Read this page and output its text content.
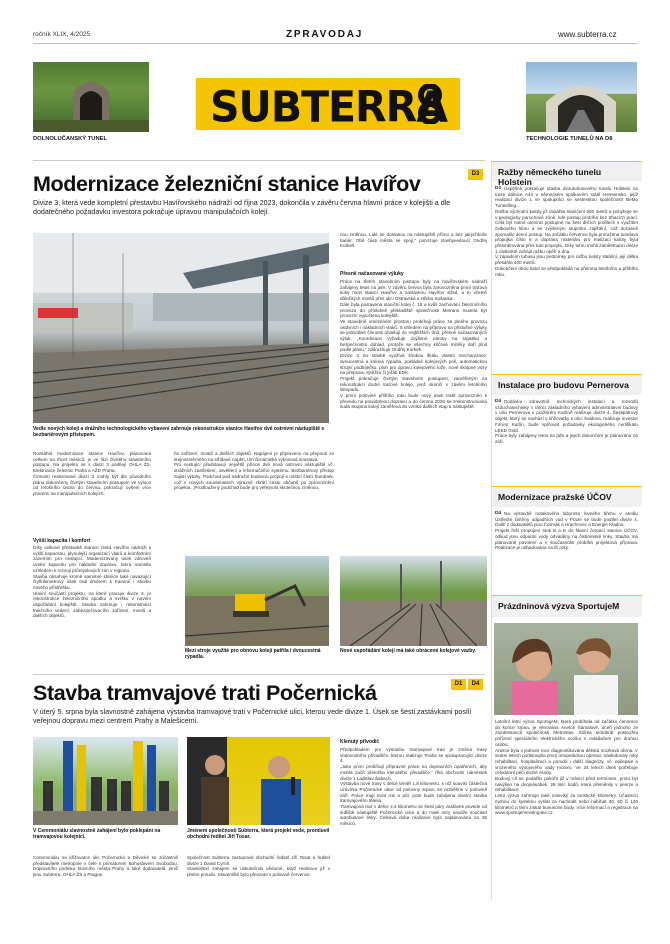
ročník XLIX, 4/2025	ZPRAVODAJ	www.subterra.cz
DOLNOLUČANSKÝ TUNEL
SUBTERRA
TECHNOLOGIE TUNELŮ NA D8
Modernizace železniční stanice Havířov	D3
Divize 3, která vede kompletní přestavbu Havířovského nádraží od října 2023, dokončila v závěru června hlavní práce v kolejišti a dle dodatečného požadavku investora pokračuje úpravou manipulačních kolejí.
Vedle nových kolejí a drážního technologického vybavení zahrnuje rekonstrukce stanice Havířov dvě ostrovní nástupiště s bezbariérovým přístupem.
Rozsáhlá modernizace stanice Havířov, plánovaná celkem na třicet měsíců, je ve fázi čtvrtého stavebního postupu. Na projektu se s divizí 3 podílejí OHLA ŽS, Elektrizace železnic Praha a AŽD Praha.
Činnosti realizované divizí 3 mohly být dle původního plánu dokončeny čtvrtým stavebním postupem ve výluce od letošního února do června, pokračují ovšem více pracemi na manipulačních kolejích.
Vyšší kapacita i komfort
Díky celkové přestavbě stanice získá Havířov nádraží s vyšší kapacitou, plynulejší organizací vlaků a komfortním zázemím pro cestující. Modernizovaný úsek zároveň uvolní kapacitu pro nákladní dopravu, která narostla vzhledem k rozvoji průmyslových zón v regionu.
Stavba obsahuje kromě samotné stanice také navazující čtyřkilometrový úsek trati směrem k Karviné i stavbu nového přístřešku.
Hlavní součástí projektu, na které pracuje divize 3, je rekonstrukce železničního spodku a svršku v novém uspořádání kolejiště. Stavba zahrnuje i rekonstrukci trakčního vedení, zabezpečovacího zařízení, mostů a dalších objektů.
ho zařízení, mostů a dalších objektů. Napájení je připraveno na přepnutí ze stejnosměrného na střídavé napětí, tím čtrnáctiská výkonová soustava.
Pro cestující představují největší přínos dvě nová ostrovní nástupiště vč. strážních zastřešení, osvětlení a informačního systému. Bezbariérový přístup zajistí výtahy. Podchod pod nádražní budovou propojí s místní částí Šumbark, což v nových souvislostech výrazně zkrátí cestu občanů po zprovoznění projektu. „Prodloužený podchod bude pro veřejnost skutečnou změnou.
nou změnou. Lidé se dostanou na nástupiště přímo a bez jakýchkoliv bariér. Obě části města se spojí,“ potvrzuje stavbyvedoucí Ondřej Korkeš.
Přesně načasované výluky
Práce na třetím stavebním postupu byly na havířovském nádraží zahájeny letos na jaře. V závěru června byla zprovozněna první traťová kolej mezi stanicí Havířov a zastávkou Havířov střed, a to včetně důležitých mostů přes ulici Ostravská a Hřebu Sušanka.
Dále byla postavena staniční kolej č. 18 a kvůli zachování železničního provozu do příslušné překladiště společnosti Metrans musela být provozní vypočtena kolejiště.
Ve stavebně omezeném prostoru probíhají práce za plného provozu osobních i nákladních vlaků. S ohledem na přípravu na příslušné výluky se jednotlivé činnosti ohlašují do nejbližších dnů, přesně načasovaných výluk. „Koordinace vyžaduje zvýšené nároky na logistiku a bezpečnostní dohled, protože se všechny klíčové milníky daří plnit podle plánu,“ zdůrazňuje Ondřej Korkeš.
Divize 3 na stavbě využívá širokou škálu vlastní mechanizace: dvoucestná a kolová rýpadla, pokládač kolejových polí, automatickou strojní podbíječku, pluh pro úpravu kolejového lože, nové sklopné vozy na přepravu výtěžku či jeřáb EDK.
Projekt pokračuje čtvrtým stavebním postupem, zaměřeným na rekonstrukci druhé traťové koleje, jenž skončí v závěru letošního listopadu.
V první polovině příštího roku bude nový úsek tratě zprovozněn k převodu na pravidelnou dopravu a do června 2026 se zrekonstruovaná sudá skupina kolejí zaměřená do vzniku dalších etap a nástupiště.
Mezi stroje využité pro obnovu kolejí patřila i dvoucestná rýpadla.
Nové uspořádání kolejí má také obrácené kolejové vazby.
Stavba tramvajové trati Počernická	D1	D4
V úterý 5. srpna byla slavnostně zahájena výstavba tramvajové trati v Počernické ulici, kterou vede divize 1. Úsek se šesti zastávkami posílí veřejnou dopravu mezi centrem Prahy a Malešicemi.
V Ceremoniálu slavnostně zahájení bylo poklepání na tramvajovou kolejnici.
Jménem společnosti Subterra, která projekt vede, promluvil obchodní ředitel Jiří Tosar.
Ceremoniálu na křižovatce ulic Počernická a Děvické se zúčastnili představitelé metropole v čele s primátorem Bohuslavem Svobodou, Dopravního podniku hlavního města Prahy a také dodavatelů, jimiž jsou Subterra, OHLA ŽS a Prague.
Společnost Subterra zastupoval obchodní ředitel Jiří Tosar a ředitel divize 1 David Cyroň.
Stavitelství zahájení se uskutečnilo vědomě, když realizace již v plném proudu. Staveniště bylo převzato v polovině července.
Klenutý přívodič
Předpokladem pro výstavbu tramvajové trati je změna trasy vodovodního přivaděče, kterou realizuje Praha se spolupracující divize 4.
„Jako první probíhají přípravné práce na dopravních opatřeních, aby mohla začít přeložka klenutého přivaděče,“ říká obchodní náměstek divize 1 Ladislav Šabach.
Výstavba nové trasy v délce téměř 1,8 kilometru, s níž souvisí částečná uzavírka Počernické ulice od poloviny srpna, se rozběhne v polovině září. Práce mají trvat rok a půl, poté bude zahájena vlastní stavba tramvajového tělesa.
Tramvajová trať v délce 2,4 kilometru se šesti páry zastávek povede od sídliště nástupiště Počernické ulice a do malé míry naváže součástí autobusové linky. Celková doba realizace byla naplánována na 36 měsíců.
Ražby německého tunelu Holstein
D1 Úspěšně pokračuje stavba dvoutubusového tunelu Holstein na trase dálnice A44 v německém spolkovém státě Hessensko, jejíž realizaci divize 1 ve spolupráci se sesterskou společností BeMo Tunnelling.
Ražba východní kaloty již dosáhla staničení 500 metrů a pohybuje se v geologicky poruchové zóně, kde postup probíhá bez trhacích prací. Celá byl nutné otevírat postupně na šest dílčích profilech s využitím čelbového klínu a se zvýšeným stupněm zajištění, což dočasně zpomalilo denní postup. Na začátku července byla proražena tunelová propojka číslo 8 a doprava materiálu pro realizaci kaloty byla přesměrována přes tuto propojku. Díky tomu mohli zaměstnanci divize 1 následně zahájit ražbu opěří a dna.
V západním tubusu jsou podmínky pro ražbu kaloty stabilní, její délka přesáhla 400 metrů.
Dokončení obou kalot se předpokládá na přelomu letošního a příštího roku.
Instalace pro budovu Pernerova
D4 Dodávku zdravotně technických instalací a rozvodů vzduchotechniky v rámci základního vybavení administrativní budovy v ulici Pernerova v pražském Karlíně realizuje divize 4. Šestipatrový objekt, který se nachází v křižovatky s ulicí Šaldova, realizuje investor Forum Karlín, bude splňovat požadavky ekologického certifikátu LEED Gold.
Práce byly zahájeny letos na jaře a jejich dokončení je plánováno na září.
Modernizace pražské ÚČOV
D4 Na výstavbě notakového labyrintu lovného břehu v areálu Ústřední čistírny odpadních vod v Praze se bude podílet divize 4. Další z dodavatelů jsou Čermák a Hrachovec a Energie Kladno.
Projekt řeší propojení stok B a D do hlavní čerpací stanice ÚČOV, odkud jsou odpadní vody odváděny na čistírenské linky. Stavba má plánované povolení a v současnosti probíhá projektová příprava. Realizace je odhadována na tři roky.
Prázdninová výzva SportujeM
Letošní letní výzva SportujeM, která probíhala od začátku července do konce srpna, je věnována Anetce Šámalové, dceři jednoho ze zaměstnanců společnosti Metrostav. Sbírka tentokrát posloužila pořízení speciálního elektrického vozíku s ovladačem pro druhou osobu.
Anetce byla v jednom roce diagnostikována dětská mozková obrna. V sedmi letech podstoupila první ortopedickou operaci, následovaly roky rehabilitací, hospitalizací a porodů i další diagnózy, vč. epilepsie a vrozeného vývojového vady motoru. Ve 34 letech dnes potřebuje celodenní péči druhé osoby.
Bodový cíl se podařilo pokořit již v měsíci před termínem, proto byl navýšen na dvojnásobek, 29 tisíc bodů, která přeměnily v peníze a rehabilitace.
Letní výzva zahrnuje také miniviký za turistické kilometry. Účastníci mohou do systému vyslat za nachodit nebo nabíhat 30, 60 či 120 kilometrů a těmi získat bonusové body. Více informací a registrace na www.sportujemevskupine.cz.
